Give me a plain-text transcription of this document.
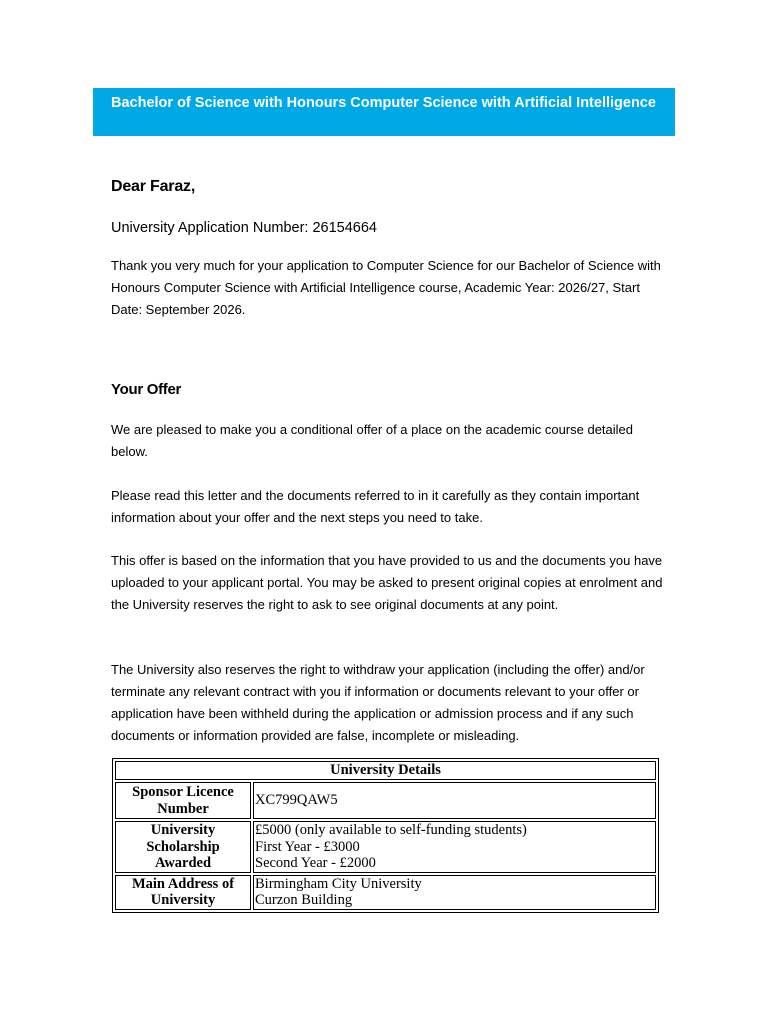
Bachelor of Science with Honours Computer Science with Artificial Intelligence

Dear Faraz,

University Application Number: 26154664

Thank you very much for your application to Computer Science for our Bachelor of Science with Honours Computer Science with Artificial Intelligence course, Academic Year: 2026/27, Start Date: September 2026.

Your Offer

We are pleased to make you a conditional offer of a place on the academic course detailed below.

Please read this letter and the documents referred to in it carefully as they contain important information about your offer and the next steps you need to take.

This offer is based on the information that you have provided to us and the documents you have uploaded to your applicant portal. You may be asked to present original copies at enrolment and the University reserves the right to ask to see original documents at any point.

The University also reserves the right to withdraw your application (including the offer) and/or terminate any relevant contract with you if information or documents relevant to your offer or application have been withheld during the application or admission process and if any such documents or information provided are false, incomplete or misleading.

University Details	
Sponsor Licence Number	XC799QAW5

University Scholarship Awarded	£5000 (only available to self-funding students)
First Year - £3000
Second Year - £2000

Main Address of University	Birmingham City University
Curzon Building
